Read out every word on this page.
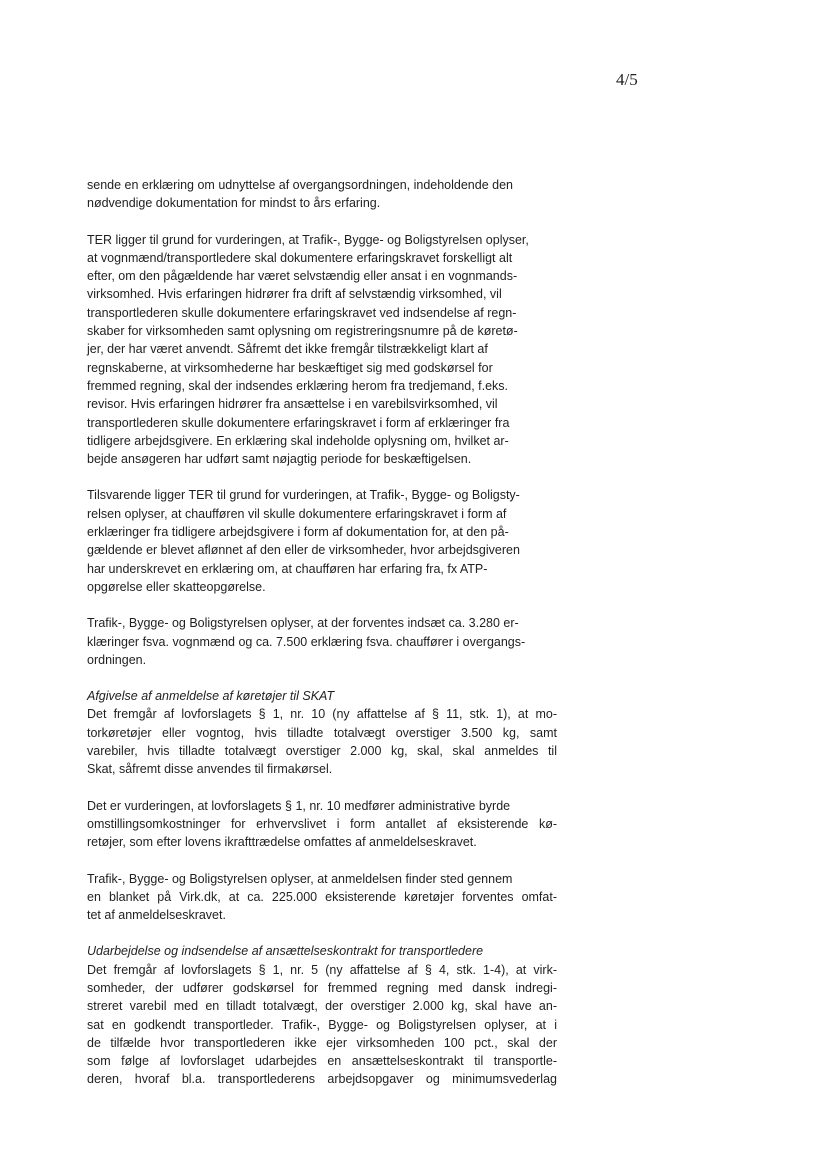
4/5
sende en erklæring om udnyttelse af overgangsordningen, indeholdende den
nødvendige dokumentation for mindst to års erfaring.
TER ligger til grund for vurderingen, at Trafik-, Bygge- og Boligstyrelsen oplyser,
at vognmænd/transportledere skal dokumentere erfaringskravet forskelligt alt
efter, om den pågældende har været selvstændig eller ansat i en vognmands-
virksomhed. Hvis erfaringen hidrører fra drift af selvstændig virksomhed, vil
transportlederen skulle dokumentere erfaringskravet ved indsendelse af regn-
skaber for virksomheden samt oplysning om registreringsnumre på de køretø-
jer, der har været anvendt. Såfremt det ikke fremgår tilstrækkeligt klart af
regnskaberne, at virksomhederne har beskæftiget sig med godskørsel for
fremmed regning, skal der indsendes erklæring herom fra tredjemand, f.eks.
revisor. Hvis erfaringen hidrører fra ansættelse i en varebilsvirksomhed, vil
transportlederen skulle dokumentere erfaringskravet i form af erklæringer fra
tidligere arbejdsgivere. En erklæring skal indeholde oplysning om, hvilket ar-
bejde ansøgeren har udført samt nøjagtig periode for beskæftigelsen.
Tilsvarende ligger TER til grund for vurderingen, at Trafik-, Bygge- og Boligsty-
relsen oplyser, at chaufføren vil skulle dokumentere erfaringskravet i form af
erklæringer fra tidligere arbejdsgivere i form af dokumentation for, at den på-
gældende er blevet aflønnet af den eller de virksomheder, hvor arbejdsgiveren
har underskrevet en erklæring om, at chaufføren har erfaring fra, fx ATP-
opgørelse eller skatteopgørelse.
Trafik-, Bygge- og Boligstyrelsen oplyser, at der forventes indsæt ca. 3.280 er-
klæringer fsva. vognmænd og ca. 7.500 erklæring fsva. chauffører i overgangs-
ordningen.
Afgivelse af anmeldelse af køretøjer til SKAT
Det fremgår af lovforslagets § 1, nr. 10 (ny affattelse af § 11, stk. 1), at mo-
torkøretøjer eller vogntog, hvis tilladte totalvægt overstiger 3.500 kg, samt
varebiler, hvis tilladte totalvægt overstiger 2.000 kg, skal, skal anmeldes til
Skat, såfremt disse anvendes til firmakørsel.
Det er vurderingen, at lovforslagets § 1, nr. 10 medfører administrative byrde
omstillingsomkostninger for erhvervslivet i form antallet af eksisterende kø-
retøjer, som efter lovens ikrafttrædelse omfattes af anmeldelseskravet.
Trafik-, Bygge- og Boligstyrelsen oplyser, at anmeldelsen finder sted gennem
en blanket på Virk.dk, at ca. 225.000 eksisterende køretøjer forventes omfat-
tet af anmeldelseskravet.
Udarbejdelse og indsendelse af ansættelseskontrakt for transportledere
Det fremgår af lovforslagets § 1, nr. 5 (ny affattelse af § 4, stk. 1-4), at virk-
somheder, der udfører godskørsel for fremmed regning med dansk indregi-
streret varebil med en tilladt totalvægt, der overstiger 2.000 kg, skal have an-
sat en godkendt transportleder. Trafik-, Bygge- og Boligstyrelsen oplyser, at i
de tilfælde hvor transportlederen ikke ejer virksomheden 100 pct., skal der
som følge af lovforslaget udarbejdes en ansættelseskontrakt til transportle-
deren, hvoraf bl.a. transportlederens arbejdsopgaver og minimumsvederlag
